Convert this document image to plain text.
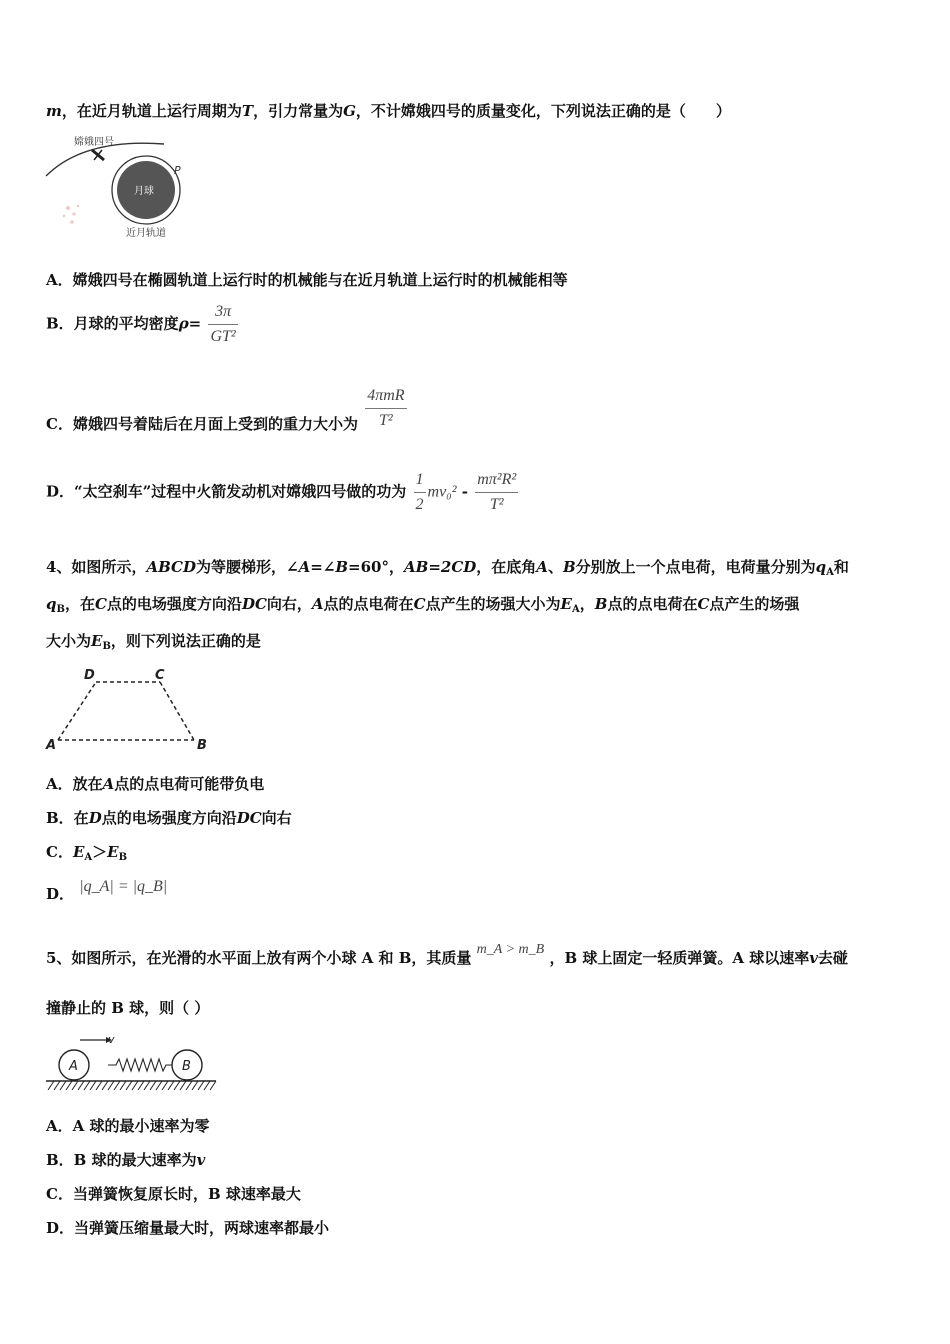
m，在近月轨道上运行周期为T，引力常量为G，不计嫦娥四号的质量变化，下列说法正确的是（　　）
月球
嫦娥四号
P
近月轨道
A．嫦娥四号在椭圆轨道上运行时的机械能与在近月轨道上运行时的机械能相等
B．月球的平均密度$\rho= \frac{3\pi}{\text{GT²}}$
C．嫦娥四号着陆后在月面上受到的重力大小为 $\frac{\text{4πmR}}{\text{T²}}$
D．“太空刹车”过程中火箭发动机对嫦娥四号做的功为 $\frac{1}{2} mv_0^2 - \frac{\text{mπ²R²}}{\text{T²}}$
4、如图所示，ABCD为等腰梯形，∠A=∠B=60°，AB=2CD，在底角A、B分别放上一个点电荷，电荷量分别为$q_A$和
$q_B$，在C点的电场强度方向沿DC向右，A点的点电荷在C点产生的场强大小为$E_A$，B点的点电荷在C点产生的场强
大小为$E_B$，则下列说法正确的是
D	C
A	B
A．放在A点的点电荷可能带负电
B．在D点的电场强度方向沿DC向右
C．$E_A>E_B$
D． |q_A| = |q_B|
5、如图所示，在光滑的水平面上放有两个小球 A 和 B，其质量 m_A > m_B ，B 球上固定一轻质弹簧。A 球以速率v去碰
撞静止的 B 球，则（ ）
v
A	B
A．A 球的最小速率为零
B．B 球的最大速率为v
C．当弹簧恢复原长时，B 球速率最大
D．当弹簧压缩量最大时，两球速率都最小
